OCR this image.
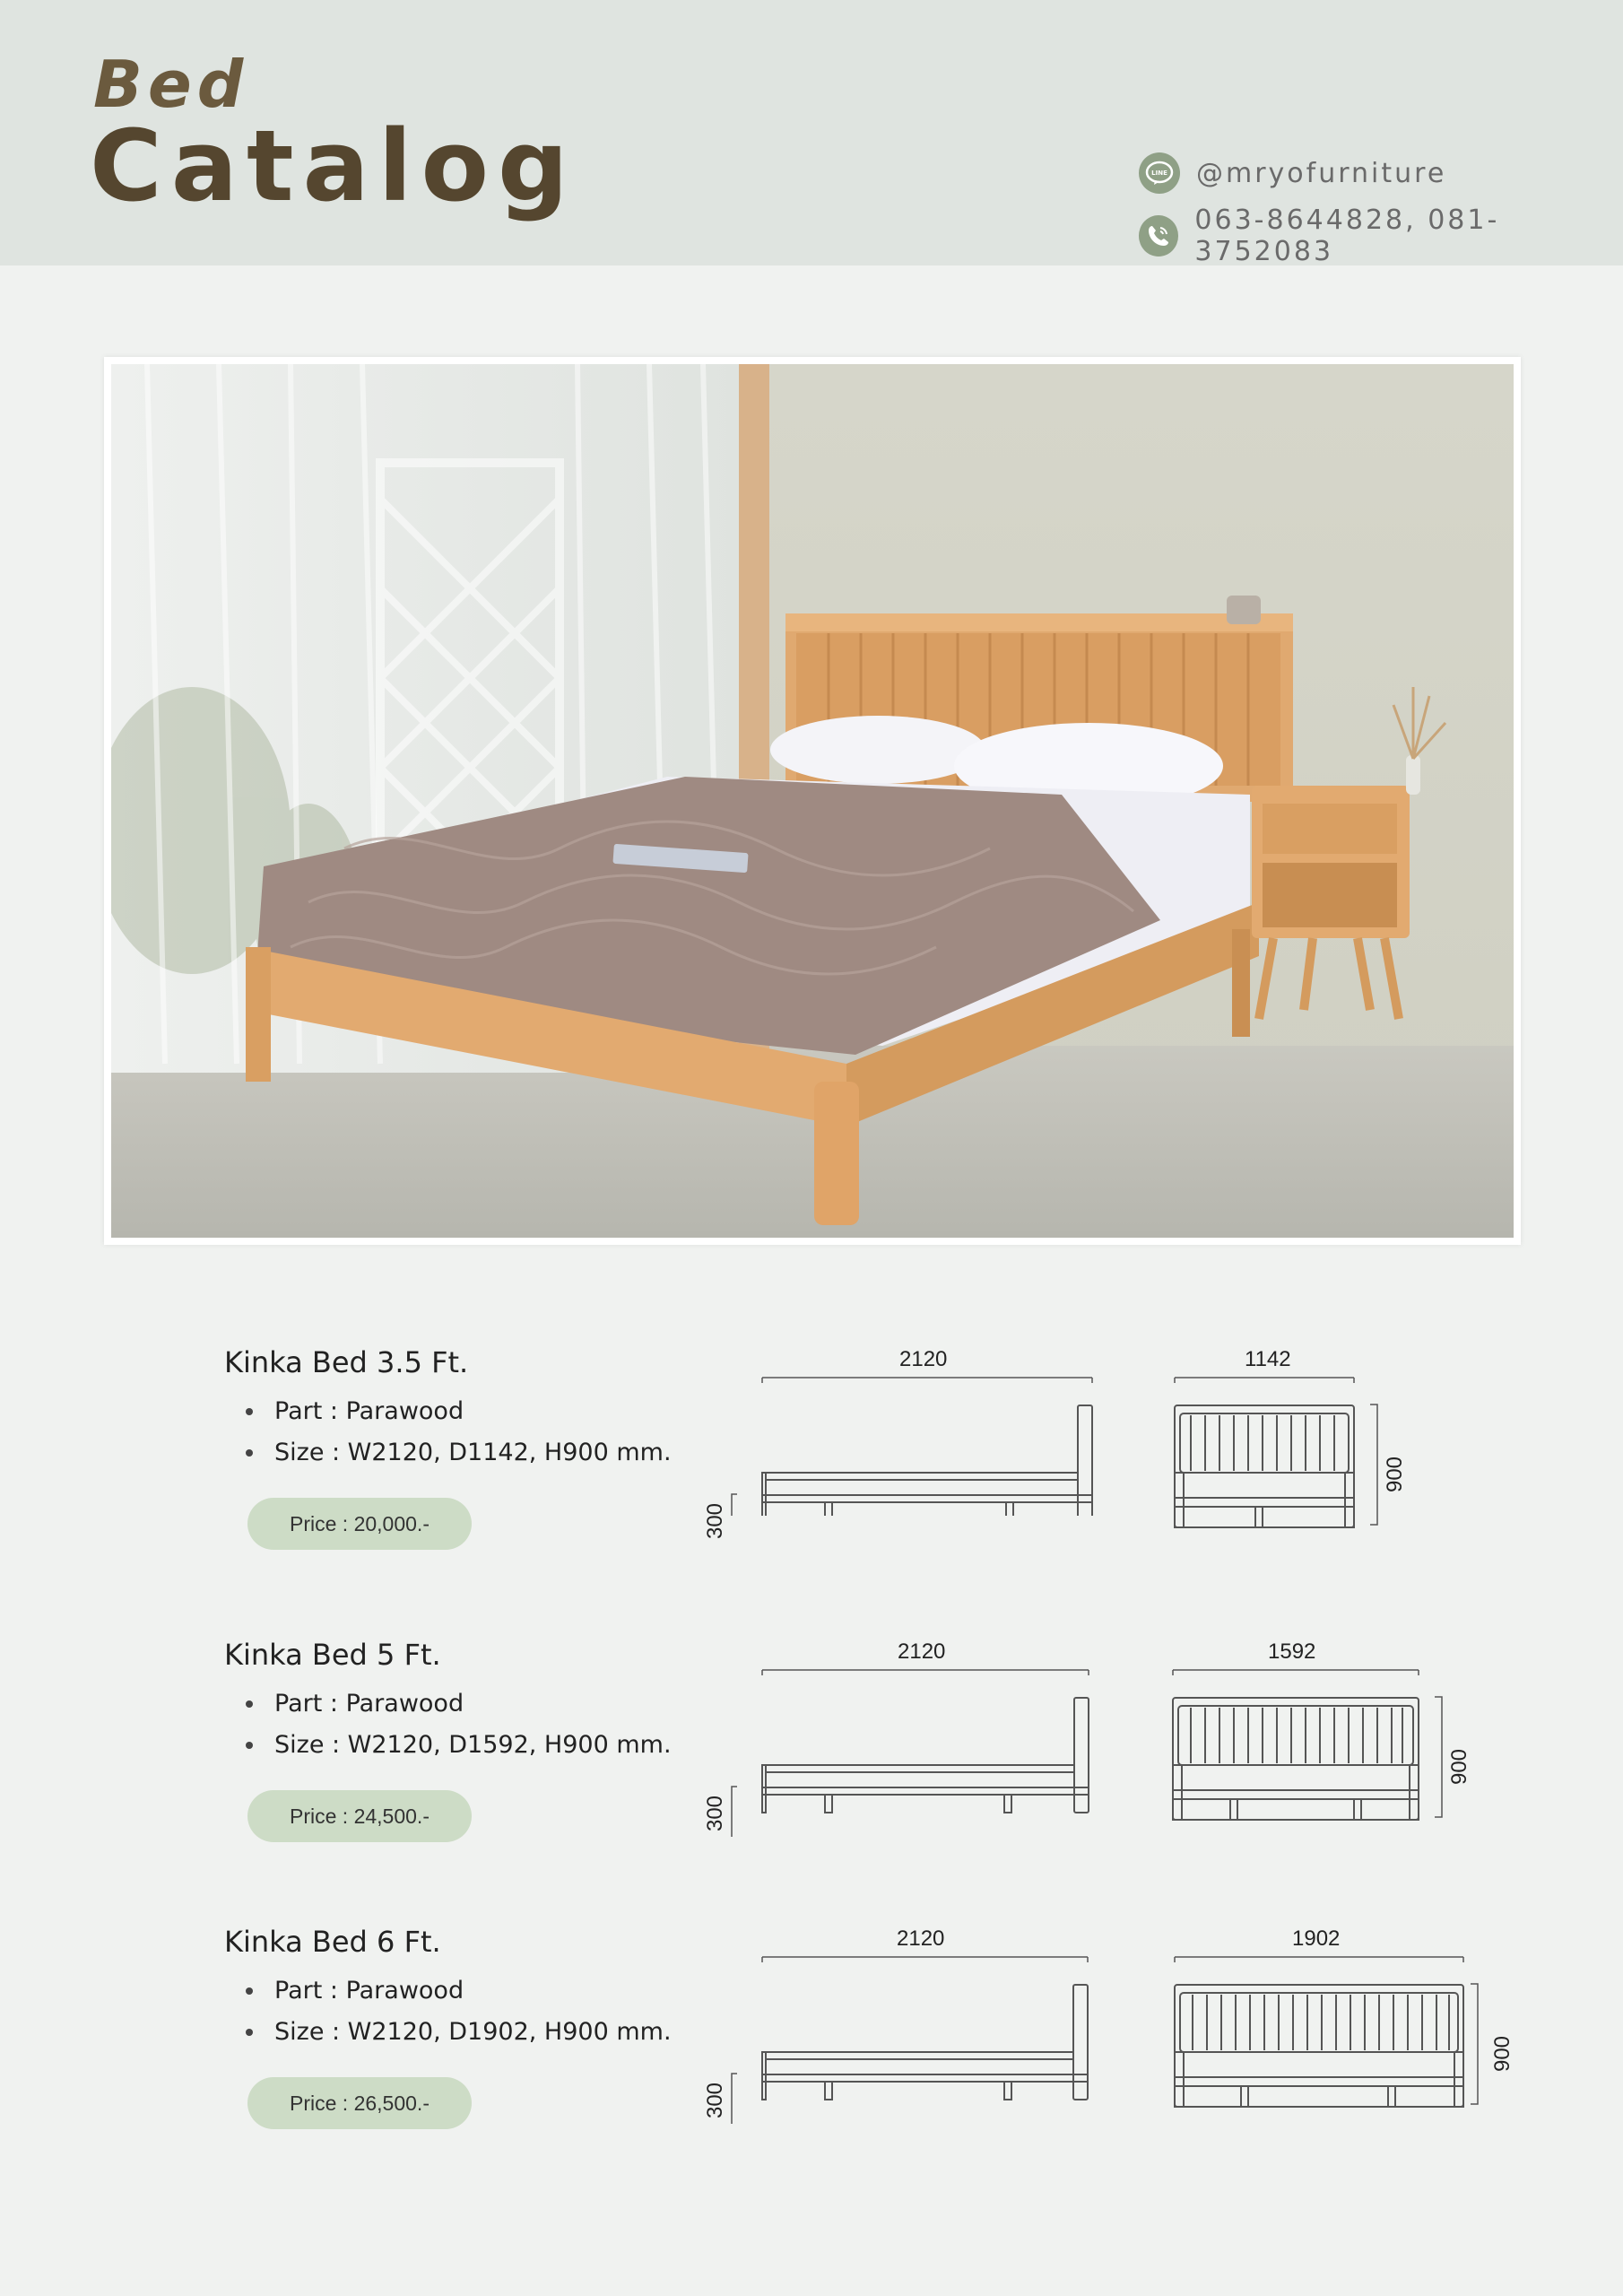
Bed
Catalog	LINE @mryofurniture
063-8644828, 081-3752083
Kinka Bed 3.5 Ft.
Part : Parawood
Size : W2120, D1142, H900 mm.
Price : 20,000.-
2120
300
1142
900
Kinka Bed 5 Ft.
Part : Parawood
Size : W2120, D1592, H900 mm.
Price : 24,500.-
2120
300
1592
900
Kinka Bed 6 Ft.
Part : Parawood
Size : W2120, D1902, H900 mm.
Price : 26,500.-
2120
300
1902
900
